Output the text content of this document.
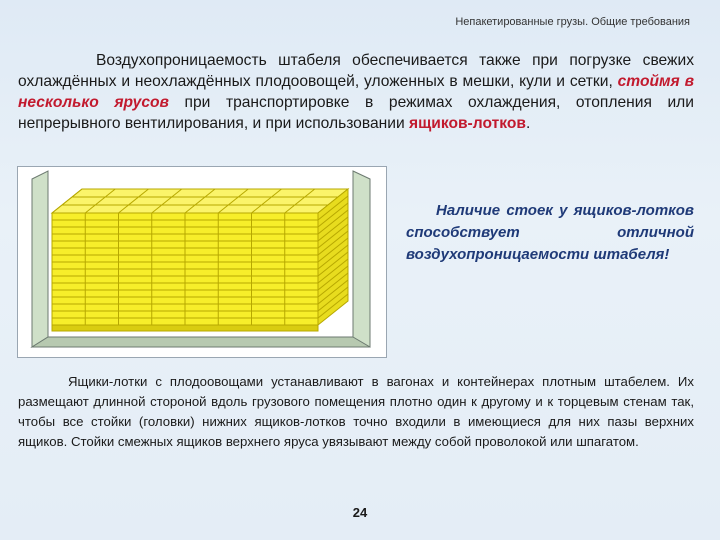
Непакетированные грузы. Общие требования

Воздухопроницаемость штабеля обеспечивается также при погрузке свежих охлаждённых и неохлаждённых плодоовощей, уложенных в мешки, кули и сетки, стоймя в несколько ярусов при транспортировке в режимах охлаждения, отопления или непрерывного вентилирования, и при использовании ящиков-лотков.

Наличие стоек у ящиков-лотков способствует отличной воздухопроницаемости штабеля!

Ящики-лотки с плодоовощами устанавливают в вагонах и контейнерах плотным штабелем. Их размещают длинной стороной вдоль грузового помещения плотно один к другому и к торцевым стенам так, чтобы все стойки (головки) нижних ящиков-лотков точно входили в имеющиеся для них пазы верхних ящиков. Стойки смежных ящиков верхнего яруса увязывают между собой проволокой или шпагатом.

24
